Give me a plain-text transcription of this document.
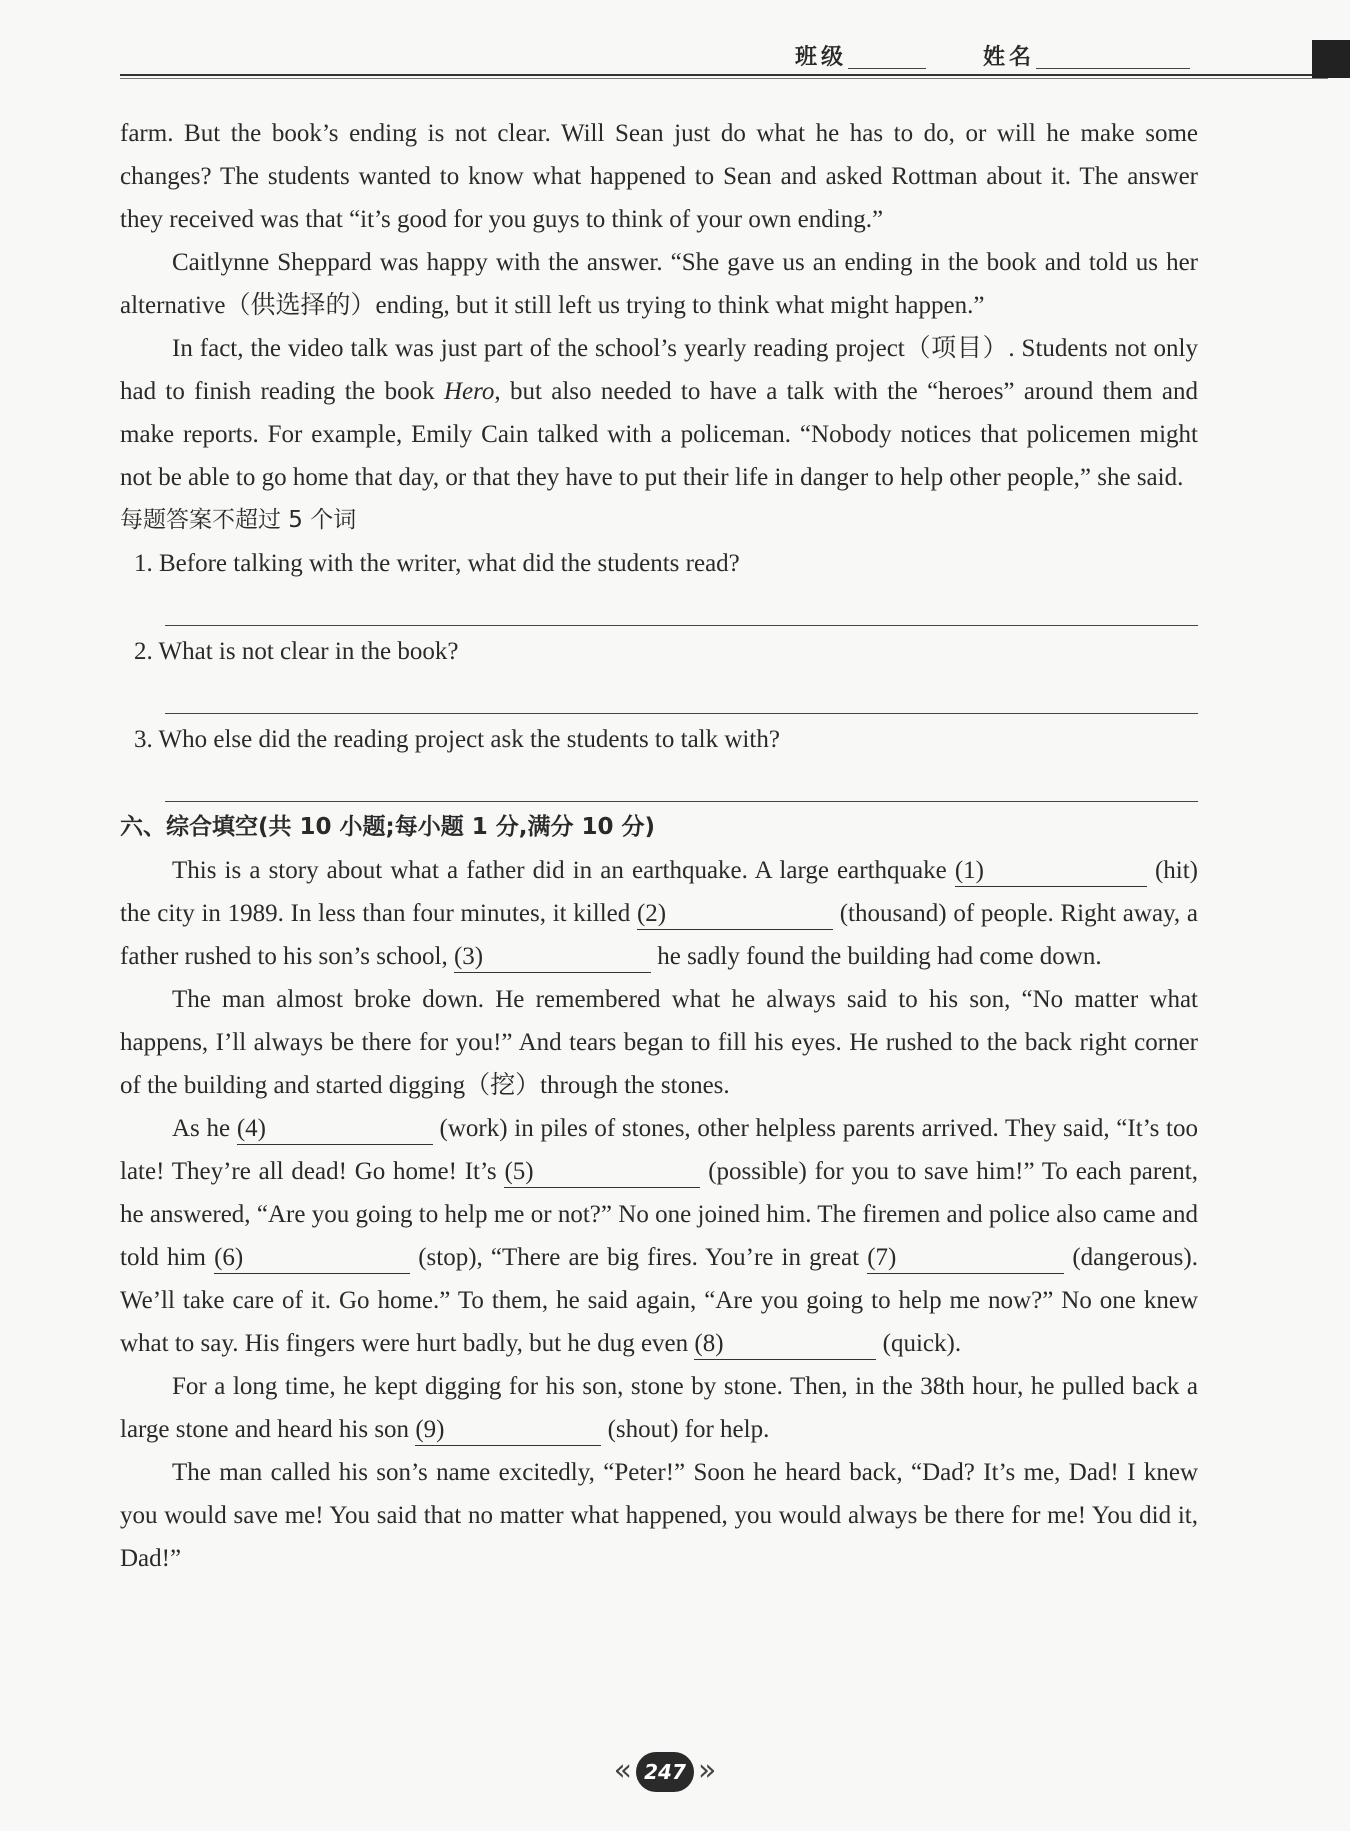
班级	姓名

farm. But the book’s ending is not clear. Will Sean just do what he has to do, or will he make some changes? The students wanted to know what happened to Sean and asked Rottman about it. The answer they received was that “it’s good for you guys to think of your own ending.”

Caitlynne Sheppard was happy with the answer. “She gave us an ending in the book and told us her alternative（供选择的）ending, but it still left us trying to think what might happen.”

In fact, the video talk was just part of the school’s yearly reading project（项目）. Students not only had to finish reading the book Hero, but also needed to have a talk with the “heroes” around them and make reports. For example, Emily Cain talked with a policeman. “Nobody notices that policemen might not be able to go home that day, or that they have to put their life in danger to help other people,” she said.

每题答案不超过 5 个词

1. Before talking with the writer, what did the students read?

2. What is not clear in the book?

3. Who else did the reading project ask the students to talk with?

六、综合填空(共 10 小题;每小题 1 分,满分 10 分)

This is a story about what a father did in an earthquake. A large earthquake (1)	(hit) the city in 1989. In less than four minutes, it killed (2)	(thousand) of people. Right away, a father rushed to his son’s school, (3)	he sadly found the building had come down.

The man almost broke down. He remembered what he always said to his son, “No matter what happens, I’ll always be there for you!” And tears began to fill his eyes. He rushed to the back right corner of the building and started digging（挖）through the stones.

As he (4)	(work) in piles of stones, other helpless parents arrived. They said, “It’s too late! They’re all dead! Go home! It’s (5)	(possible) for you to save him!” To each parent, he answered, “Are you going to help me or not?” No one joined him. The firemen and police also came and told him (6)	(stop), “There are big fires. You’re in great (7)	(dangerous). We’ll take care of it. Go home.” To them, he said again, “Are you going to help me now?” No one knew what to say. His fingers were hurt badly, but he dug even (8)	(quick).

For a long time, he kept digging for his son, stone by stone. Then, in the 38th hour, he pulled back a large stone and heard his son (9)	(shout) for help.

The man called his son’s name excitedly, “Peter!” Soon he heard back, “Dad? It’s me, Dad! I knew you would save me! You said that no matter what happened, you would always be there for me! You did it, Dad!”

« 247 »
